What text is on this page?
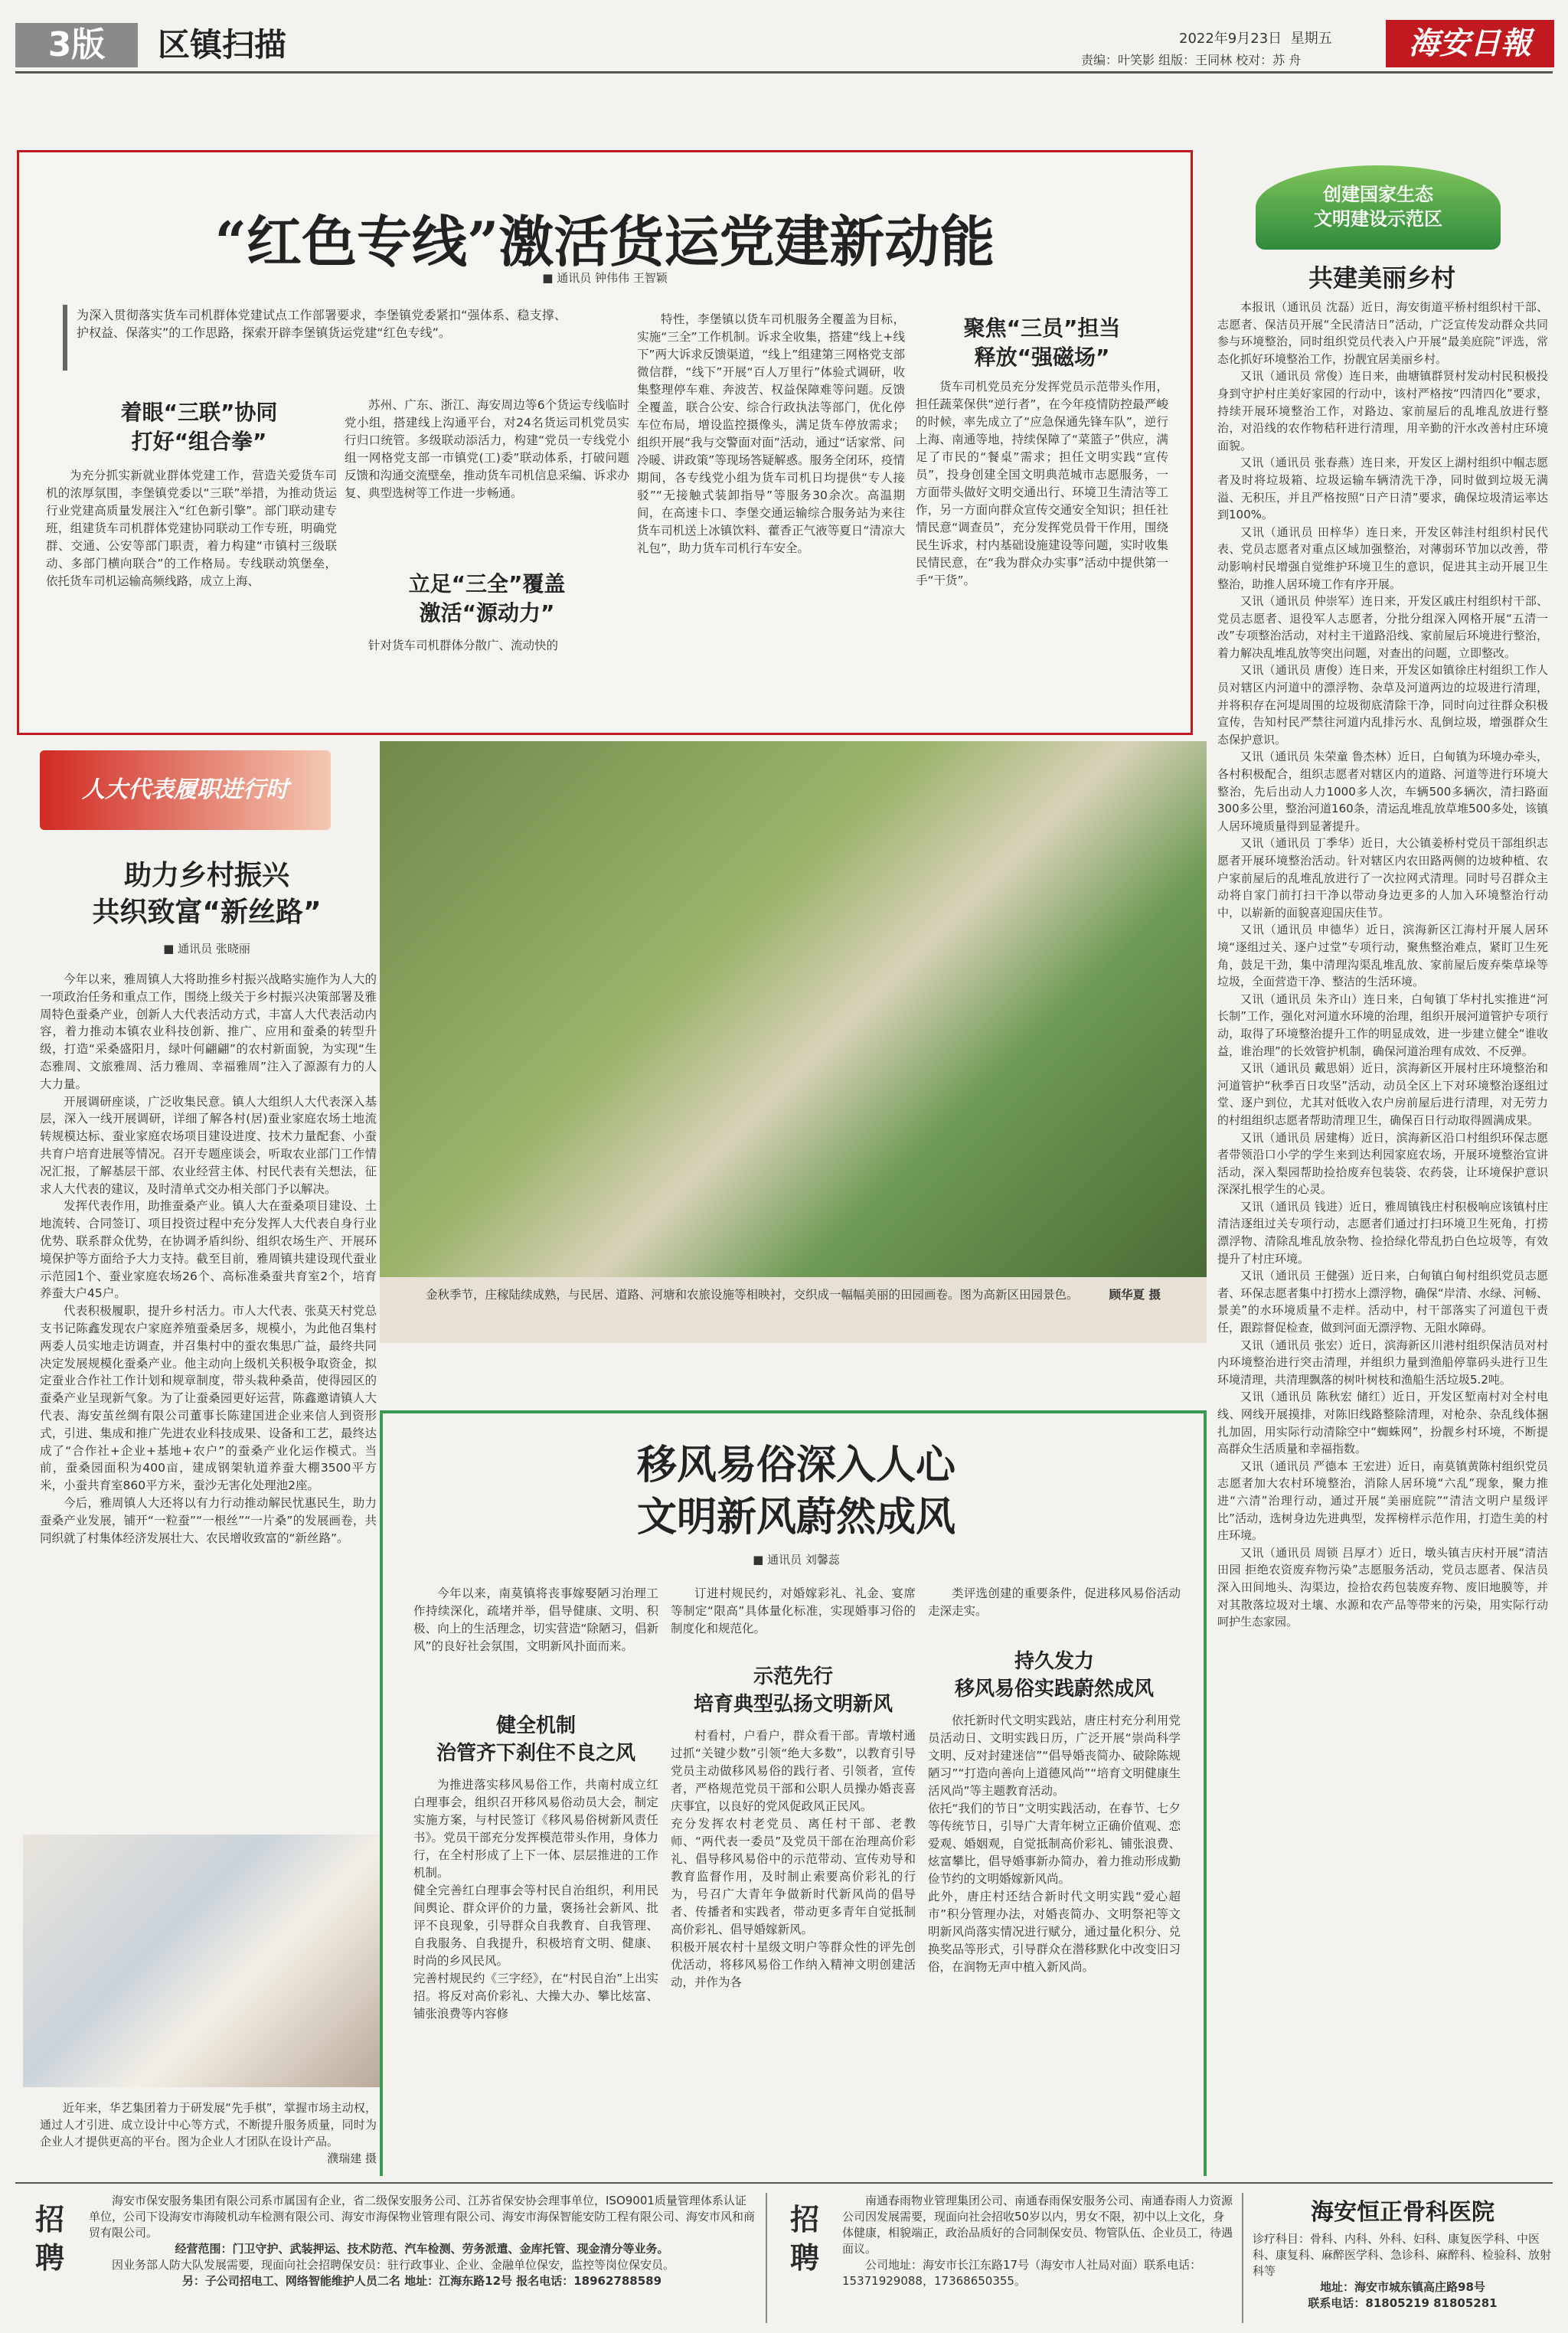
3版	区镇扫描	2022年9月23日 星期五
责编：叶笑影 组版：王同林 校对：苏 舟	海安日報
“红色专线”激活货运党建新动能
■ 通讯员 钟伟伟 王智颖
为深入贯彻落实货车司机群体党建试点工作部署要求，李堡镇党委紧扣“强体系、稳支撑、护权益、保落实”的工作思路，探索开辟李堡镇货运党建“红色专线”。
着眼“三联”协同
打好“组合拳”
为充分抓实新就业群体党建工作，营造关爱货车司机的浓厚氛围，李堡镇党委以“三联”举措，为推动货运行业党建高质量发展注入“红色新引擎”。部门联动建专班，组建货车司机群体党建协同联动工作专班，明确党群、交通、公安等部门职责，着力构建“市镇村三级联动、多部门横向联合”的工作格局。专线联动筑堡垒，依托货车司机运输高频线路，成立上海、
苏州、广东、浙江、海安周边等6个货运专线临时党小组，搭建线上沟通平台，对24名货运司机党员实行归口统管。多级联动添活力，构建“党员一专线党小组一网格党支部一市镇党(工)委”联动体系，打破问题反馈和沟通交流壁垒，推动货车司机信息采编、诉求办复、典型选树等工作进一步畅通。
立足“三全”覆盖
激活“源动力”
针对货车司机群体分散广、流动快的
特性，李堡镇以货车司机服务全覆盖为目标，实施“三全”工作机制。诉求全收集，搭建“线上+线下”两大诉求反馈渠道，“线上”组建第三网格党支部微信群，“线下”开展“百人万里行”体验式调研，收集整理停车难、奔波苦、权益保障难等问题。反馈全覆盖，联合公安、综合行政执法等部门，优化停车位布局，增设监控摄像头，满足货车停放需求；组织开展“我与交警面对面”活动，通过“话家常、问冷暖、讲政策”等现场答疑解惑。服务全闭环，疫情期间，各专线党小组为货车司机日均提供“专人接驳”“无接触式装卸指导”等服务30余次。高温期间，在高速卡口、李堡交通运输综合服务站为来往货车司机送上冰镇饮料、藿香正气液等夏日“清凉大礼包”，助力货车司机行车安全。
聚焦“三员”担当
释放“强磁场”
货车司机党员充分发挥党员示范带头作用，担任蔬菜保供“逆行者”，在今年疫情防控最严峻的时候，率先成立了“应急保通先锋车队”，逆行上海、南通等地，持续保障了“菜篮子”供应，满足了市民的“餐桌”需求；担任文明实践“宣传员”，投身创建全国文明典范城市志愿服务，一方面带头做好文明交通出行、环境卫生清洁等工作，另一方面向群众宣传交通安全知识；担任社情民意“调查员”，充分发挥党员骨干作用，围绕民生诉求，村内基础设施建设等问题，实时收集民情民意，在“我为群众办实事”活动中提供第一手“干货”。
创建国家生态
文明建设示范区
共建美丽乡村

本报讯（通讯员 沈磊）近日，海安街道平桥村组织村干部、志愿者、保洁员开展“全民清洁日”活动，广泛宣传发动群众共同参与环境整治，同时组织党员代表入户开展“最美庭院”评选，常态化抓好环境整治工作，扮靓宜居美丽乡村。

又讯（通讯员 常俊）连日来，曲塘镇群贤村发动村民积极投身到守护村庄美好家园的行动中，该村严格按“四清四化”要求，持续开展环境整治工作，对路边、家前屋后的乱堆乱放进行整治，对沿线的农作物秸秆进行清理，用辛勤的汗水改善村庄环境面貌。

又讯（通讯员 张春燕）连日来，开发区上湖村组织中帼志愿者及时将垃圾箱、垃圾运输车辆清洗干净，同时做到垃圾无满溢、无积压，并且严格按照“日产日清”要求，确保垃圾清运率达到100%。

又讯（通讯员 田梓华）连日来，开发区韩洼村组织村民代表、党员志愿者对重点区域加强整治，对薄弱环节加以改善，带动影响村民增强自觉维护环境卫生的意识，促进其主动开展卫生整治，助推人居环境工作有序开展。

又讯（通讯员 仲崇军）连日来，开发区戚庄村组织村干部、党员志愿者、退役军人志愿者，分批分组深入网格开展“五清一改”专项整治活动，对村主干道路沿线、家前屋后环境进行整治，着力解决乱堆乱放等突出问题，对查出的问题，立即整改。

又讯（通讯员 唐俊）连日来，开发区如镇徐庄村组织工作人员对辖区内河道中的漂浮物、杂草及河道两边的垃圾进行清理，并将积存在河堤周围的垃圾彻底清除干净，同时向过往群众积极宣传，告知村民严禁往河道内乱排污水、乱倒垃圾，增强群众生态保护意识。

又讯（通讯员 朱荣童 鲁杰林）近日，白甸镇为环境办牵头，各村积极配合，组织志愿者对辖区内的道路、河道等进行环境大整治，先后出动人力1000多人次，车辆500多辆次，清扫路面300多公里，整治河道160条，清运乱堆乱放草堆500多处，该镇人居环境质量得到显著提升。

又讯（通讯员 丁季华）近日，大公镇姜桥村党员干部组织志愿者开展环境整治活动。针对辖区内农田路两侧的边坡种植、农户家前屋后的乱堆乱放进行了一次拉网式清理。同时号召群众主动将自家门前打扫干净以带动身边更多的人加入环境整治行动中，以崭新的面貌喜迎国庆佳节。

又讯（通讯员 申德华）近日，滨海新区江海村开展人居环境“逐组过关、逐户过堂”专项行动，聚焦整治难点，紧盯卫生死角，鼓足干劲，集中清理沟渠乱堆乱放、家前屋后废弃柴草垛等垃圾，全面营造干净、整洁的生活环境。

又讯（通讯员 朱齐山）连日来，白甸镇丁华村扎实推进“河长制”工作，强化对河道水环境的治理，组织开展河道管护专项行动，取得了环境整治提升工作的明显成效，进一步建立健全“谁收益，谁治理”的长效管护机制，确保河道治理有成效、不反弹。

又讯（通讯员 戴思娟）近日，滨海新区开展村庄环境整治和河道管护“秋季百日攻坚”活动，动员全区上下对环境整治逐组过堂、逐户到位，尤其对低收入农户房前屋后进行清理，对无劳力的村组组织志愿者帮助清理卫生，确保百日行动取得圆满成果。

又讯（通讯员 居建梅）近日，滨海新区沿口村组织环保志愿者带领沿口小学的学生来到达利园家庭农场，开展环境整治宣讲活动，深入梨园帮助捡拾废弃包装袋、农药袋，让环境保护意识深深扎根学生的心灵。

又讯（通讯员 钱进）近日，雅周镇钱庄村积极响应该镇村庄清洁逐组过关专项行动，志愿者们通过打扫环境卫生死角，打捞漂浮物、清除乱堆乱放杂物、捡拾绿化带乱扔白色垃圾等，有效提升了村庄环境。

又讯（通讯员 王健强）近日来，白甸镇白甸村组织党员志愿者、环保志愿者集中打捞水上漂浮物，确保“岸清、水绿、河畅、景美”的水环境质量不走样。活动中，村干部落实了河道包干责任，跟踪督促检查，做到河面无漂浮物、无阻水障碍。

又讯（通讯员 张宏）近日，滨海新区川港村组织保洁员对村内环境整治进行突击清理，并组织力量到渔船停靠码头进行卫生环境清理，共清理飘落的树叶树枝和渔船生活垃圾5.2吨。

又讯（通讯员 陈秋宏 储红）近日，开发区堑南村对全村电线、网线开展摸排，对陈旧线路整除清理，对枪杂、杂乱线体捆扎加固，用实际行动清除空中“蜘蛛网”，扮靓乡村环境，不断提高群众生活质量和幸福指数。

又讯（通讯员 严德本 王宏进）近日，南莫镇黄陈村组织党员志愿者加大农村环境整治，消除人居环境“六乱”现象，聚力推进“六清”治理行动，通过开展“美丽庭院”“清洁文明户星级评比”活动，选树身边先进典型，发挥榜样示范作用，打造生美的村庄环境。

又讯（通讯员 周锁 吕厚才）近日，墩头镇吉庆村开展“清洁田园 拒绝农资废弃物污染”志愿服务活动，党员志愿者、保洁员深入田间地头、沟渠边，捡拾农药包装废弃物、废旧地膜等，并对其散落垃圾对土壤、水源和农产品等带来的污染，用实际行动呵护生态家园。

人大代表履职进行时
助力乡村振兴
共织致富“新丝路”
■ 通讯员 张晓丽

今年以来，雅周镇人大将助推乡村振兴战略实施作为人大的一项政治任务和重点工作，围绕上级关于乡村振兴决策部署及雅周特色蚕桑产业，创新人大代表活动方式，丰富人大代表活动内容，着力推动本镇农业科技创新、推广、应用和蚕桑的转型升级，打造“采桑盛阳月，绿叶何翩翩”的农村新面貌，为实现“生态雅周、文旅雅周、活力雅周、幸福雅周”注入了源源有力的人大力量。

开展调研座谈，广泛收集民意。镇人大组织人大代表深入基层，深入一线开展调研，详细了解各村(居)蚕业家庭农场土地流转规模达标、蚕业家庭农场项目建设进度、技术力量配套、小蚕共育户培育进展等情况。召开专题座谈会，听取农业部门工作情况汇报，了解基层干部、农业经营主体、村民代表有关想法，征求人大代表的建议，及时清单式交办相关部门予以解决。

发挥代表作用，助推蚕桑产业。镇人大在蚕桑项目建设、土地流转、合同签订、项目投资过程中充分发挥人大代表自身行业优势、联系群众优势，在协调矛盾纠纷、组织农场生产、开展环境保护等方面给予大力支持。截至目前，雅周镇共建设现代蚕业示范园1个、蚕业家庭农场26个、高标准桑蚕共育室2个，培育养蚕大户45户。

代表积极履职，提升乡村活力。市人大代表、张莫天村党总支书记陈鑫发现农户家庭养殖蚕桑居多，规模小，为此他召集村两委人员实地走访调查，并召集村中的蚕农集思广益，最终共同决定发展规模化蚕桑产业。他主动向上级机关积极争取资金，拟定蚕业合作社工作计划和规章制度，带头栽种桑苗，使得园区的蚕桑产业呈现新气象。为了让蚕桑园更好运营，陈鑫邀请镇人大代表、海安茧丝绸有限公司董事长陈建国进企业来信人到资形式，引进、集成和推广先进农业科技成果、设备和工艺，最终达成了“合作社+企业+基地+农户”的蚕桑产业化运作模式。当前，蚕桑园面积为400亩，建成钢架轨道养蚕大棚3500平方米，小蚕共育室860平方米，蚕沙无害化处理池2座。

今后，雅周镇人大还将以有力行动推动解民忧惠民生，助力蚕桑产业发展，铺开“一粒蚕”“一根丝”“一片桑”的发展画卷，共同织就了村集体经济发展壮大、农民增收致富的“新丝路”。

近年来，华艺集团着力于研发展“先手棋”，掌握市场主动权，通过人才引进、成立设计中心等方式，不断提升服务质量，同时为企业人才提供更高的平台。图为企业人才团队在设计产品。
濮瑞建 摄
金秋季节，庄稼陆续成熟，与民居、道路、河塘和农旅设施等相映衬，交织成一幅幅美丽的田园画卷。图为高新区田园景色。	顾华夏 摄
移风易俗深入人心
文明新风蔚然成风
■ 通讯员 刘馨蕊
今年以来，南莫镇将丧事嫁娶陋习治理工作持续深化，疏堵并举，倡导健康、文明、积极、向上的生活理念，切实营造“除陋习，倡新风”的良好社会氛围，文明新风扑面而来。
健全机制
治管齐下刹住不良之风
为推进落实移风易俗工作，共南村成立红白理事会，组织召开移风易俗动员大会，制定实施方案，与村民签订《移风易俗树新风责任书》。党员干部充分发挥模范带头作用，身体力行，在全村形成了上下一体、层层推进的工作机制。
健全完善红白理事会等村民自治组织，利用民间舆论、群众评价的力量，褒扬社会新风、批评不良现象，引导群众自我教育、自我管理、自我服务、自我提升，积极培育文明、健康、时尚的乡风民风。
完善村规民约《三字经》，在“村民自治”上出实招。将反对高价彩礼、大操大办、攀比炫富、铺张浪费等内容修
订进村规民约，对婚嫁彩礼、礼金、宴席等制定“限高”具体量化标准，实现婚事习俗的制度化和规范化。
示范先行
培育典型弘扬文明新风
村看村，户看户，群众看干部。青墩村通过抓“关键少数”引领“绝大多数”，以教育引导党员主动做移风易俗的践行者、引领者，宣传者，严格规范党员干部和公职人员操办婚丧喜庆事宜，以良好的党风促政风正民风。
充分发挥农村老党员、离任村干部、老教师、“两代表一委员”及党员干部在治理高价彩礼、倡导移风易俗中的示范带动、宣传劝导和教育监督作用，及时制止索要高价彩礼的行为，号召广大青年争做新时代新风尚的倡导者、传播者和实践者，带动更多青年自觉抵制高价彩礼、倡导婚嫁新风。
积极开展农村十星级文明户等群众性的评先创优活动，将移风易俗工作纳入精神文明创建活动，并作为各
类评选创建的重要条件，促进移风易俗活动走深走实。
持久发力
移风易俗实践蔚然成风
依托新时代文明实践站，唐庄村充分利用党员活动日、文明实践日历，广泛开展“崇尚科学文明、反对封建迷信”“倡导婚丧简办、破除陈规陋习”“打造向善向上道德风尚”“培育文明健康生活风尚”等主题教育活动。
依托“我们的节日”文明实践活动，在春节、七夕等传统节日，引导广大青年树立正确价值观、恋爱观、婚姻观，自觉抵制高价彩礼、铺张浪费、炫富攀比，倡导婚事新办简办，着力推动形成勤俭节约的文明婚嫁新风尚。
此外，唐庄村还结合新时代文明实践“爱心超市”积分管理办法，对婚丧简办、文明祭祀等文明新风尚落实情况进行赋分，通过量化积分、兑换奖品等形式，引导群众在潜移默化中改变旧习俗，在润物无声中植入新风尚。
招
聘
海安市保安服务集团有限公司系市属国有企业，省二级保安服务公司、江苏省保安协会理事单位，ISO9001质量管理体系认证单位，公司下设海安市海陵机动车检测有限公司、海安市海保物业管理有限公司、海安市海保智能安防工程有限公司、海安市风和商贸有限公司。
经营范围：门卫守护、武装押运、技术防范、汽车检测、劳务派遣、金库托管、现金清分等业务。
因业务部人防大队发展需要，现面向社会招聘保安员：驻行政事业、企业、金融单位保安，监控等岗位保安员。
另：子公司招电工、网络智能维护人员二名 地址：江海东路12号 报名电话：18962788589
招
聘
南通春雨物业管理集团公司、南通春雨保安服务公司、南通春雨人力资源公司因发展需要，现面向社会招收50岁以内，男女不限，初中以上文化，身体健康，相貌端正，政治品质好的合同制保安员、物管队伍、企业员工，待遇面议。
公司地址：海安市长江东路17号（海安市人社局对面）联系电话：15371929088，17368650355。
海安恒正骨科医院
诊疗科目：骨科、内科、外科、妇科、康复医学科、中医科、康复科、麻醉医学科、急诊科、麻醉科、检验科、放射科等
地址：海安市城东镇高庄路98号
联系电话：81805219 81805281
